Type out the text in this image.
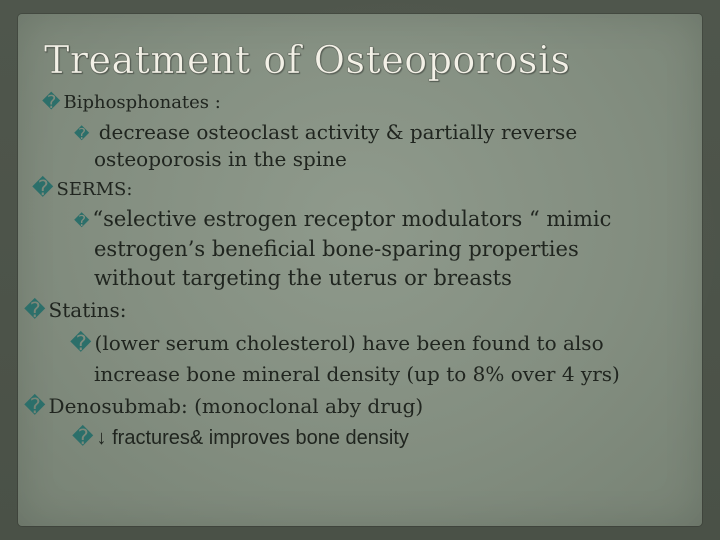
Treatment of Osteoporosis
� Biphosphonates :
� decrease osteoclast activity & partially reverse
osteoporosis in the spine
� SERMS:
� “selective estrogen receptor modulators “ mimic
estrogen’s beneficial bone-sparing properties
without targeting the uterus or breasts
� Statins:
� (lower serum cholesterol) have been found to also
increase bone mineral density (up to 8% over 4 yrs)
� Denosubmab: (monoclonal aby drug)
� ↓ fractures& improves bone density
